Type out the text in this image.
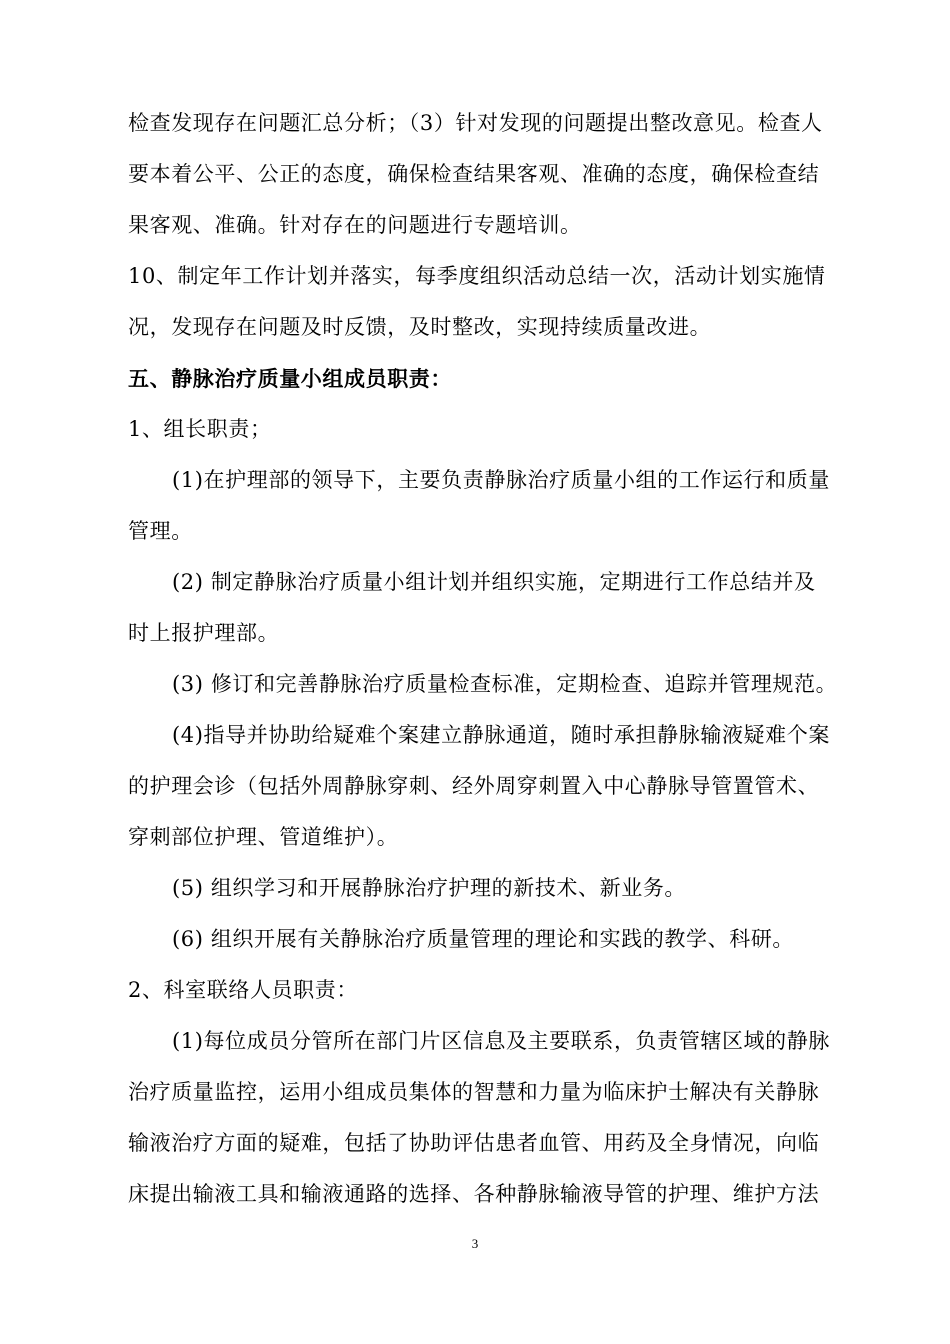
检查发现存在问题汇总分析；（3）针对发现的问题提出整改意见。检查人
要本着公平、公正的态度，确保检查结果客观、准确的态度，确保检查结
果客观、准确。针对存在的问题进行专题培训。
10、制定年工作计划并落实，每季度组织活动总结一次，活动计划实施情
况，发现存在问题及时反馈，及时整改，实现持续质量改进。
五、静脉治疗质量小组成员职责：
1、组长职责；
(1)在护理部的领导下，主要负责静脉治疗质量小组的工作运行和质量
管理。
(2) 制定静脉治疗质量小组计划并组织实施，定期进行工作总结并及
时上报护理部。
(3) 修订和完善静脉治疗质量检查标准，定期检查、追踪并管理规范。
(4)指导并协助给疑难个案建立静脉通道，随时承担静脉输液疑难个案
的护理会诊（包括外周静脉穿刺、经外周穿刺置入中心静脉导管置管术、
穿刺部位护理、管道维护）。
(5) 组织学习和开展静脉治疗护理的新技术、新业务。
(6) 组织开展有关静脉治疗质量管理的理论和实践的教学、科研。
2、科室联络人员职责：
(1)每位成员分管所在部门片区信息及主要联系，负责管辖区域的静脉
治疗质量监控，运用小组成员集体的智慧和力量为临床护士解决有关静脉
输液治疗方面的疑难，包括了协助评估患者血管、用药及全身情况，向临
床提出输液工具和输液通路的选择、各种静脉输液导管的护理、维护方法
3
